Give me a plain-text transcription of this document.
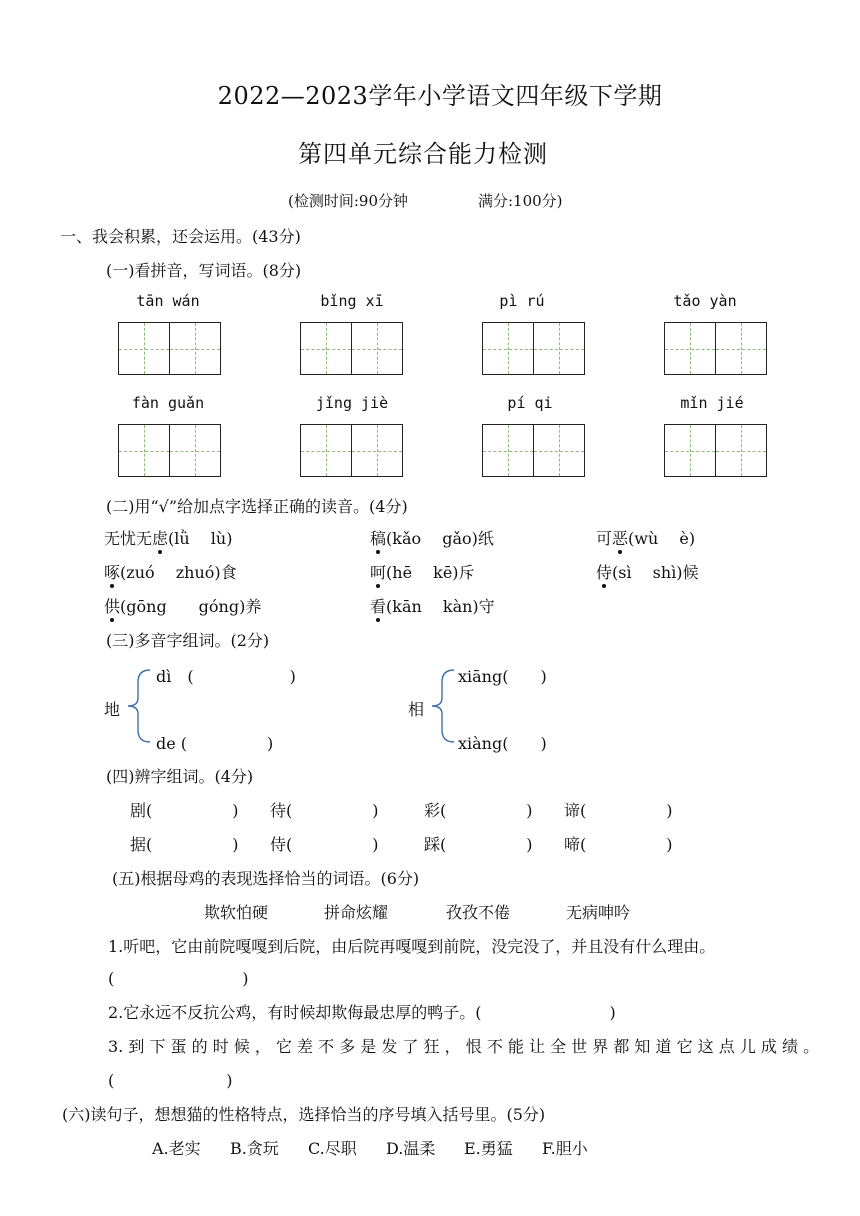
2022—2023学年小学语文四年级下学期
第四单元综合能力检测
(检测时间:90分钟	满分:100分)
一、我会积累，还会运用。(43分)
(一)看拼音，写词语。(8分)
tān wán	bǐng xī	pì rú	tǎo yàn
fàn guǎn	jǐng jiè	pí qi	mǐn jié
(二)用“√”给加点字选择正确的读音。(4分)
无忧无虑(lǜ　 lù)	稿(kǎo　 gǎo)纸	可恶(wù　 è)
啄(zuó　 zhuó)食	呵(hē　 kē)斥	侍(sì　 shì)候
供(gōng　　góng)养	看(kān　 kàn)守
(三)多音字组词。(2分)
地
dì　(　　　　　　)
de (　　　　　)
相
xiāng(　　)
xiàng(　　)
(四)辨字组词。(4分)
剧(　　　　　) 待(　　　　　)	彩(　　　　　) 谛(　　　　　)
据(　　　　　) 侍(　　　　　)	踩(　　　　　) 啼(　　　　　)
(五)根据母鸡的表现选择恰当的词语。(6分)
欺软怕硬	拼命炫耀	孜孜不倦	无病呻吟
1.听吧，它由前院嘎嘎到后院，由后院再嘎嘎到前院，没完没了，并且没有什么理由。
(　　　　　　　　)
2.它永远不反抗公鸡，有时候却欺侮最忠厚的鸭子。(　　　　　　　　)
3. 到 下 蛋 的 时 候 ， 它 差 不 多 是 发 了 狂 ， 恨 不 能 让 全 世 界 都 知 道 它 这 点 儿 成 绩 。
(　　　　　　　)
(六)读句子，想想猫的性格特点，选择恰当的序号填入括号里。(5分)
A.老实 B.贪玩 C.尽职 D.温柔 E.勇猛 F.胆小
